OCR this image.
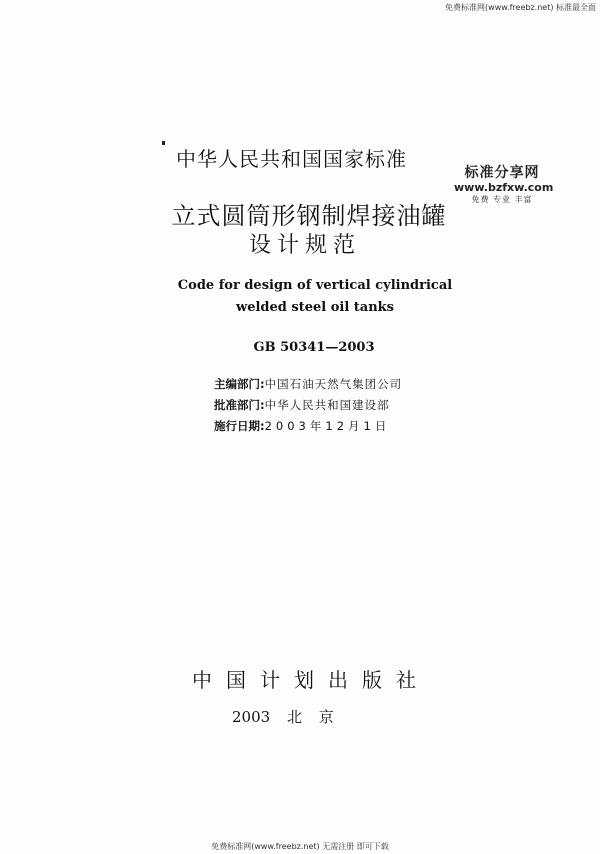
免费标准网(www.freebz.net) 标准最全面
中华人民共和国国家标准
标准分享网
www.bzfxw.com
免费 专业 丰富
立式圆筒形钢制焊接油罐
设计规范
Code for design of vertical cylindrical
welded steel oil tanks
GB 50341—2003
主编部门:中国石油天然气集团公司
批准部门:中华人民共和国建设部
施行日期:2003年12月1日
中国计划出版社
2003 北 京
免费标准网(www.freebz.net) 无需注册 即可下载
